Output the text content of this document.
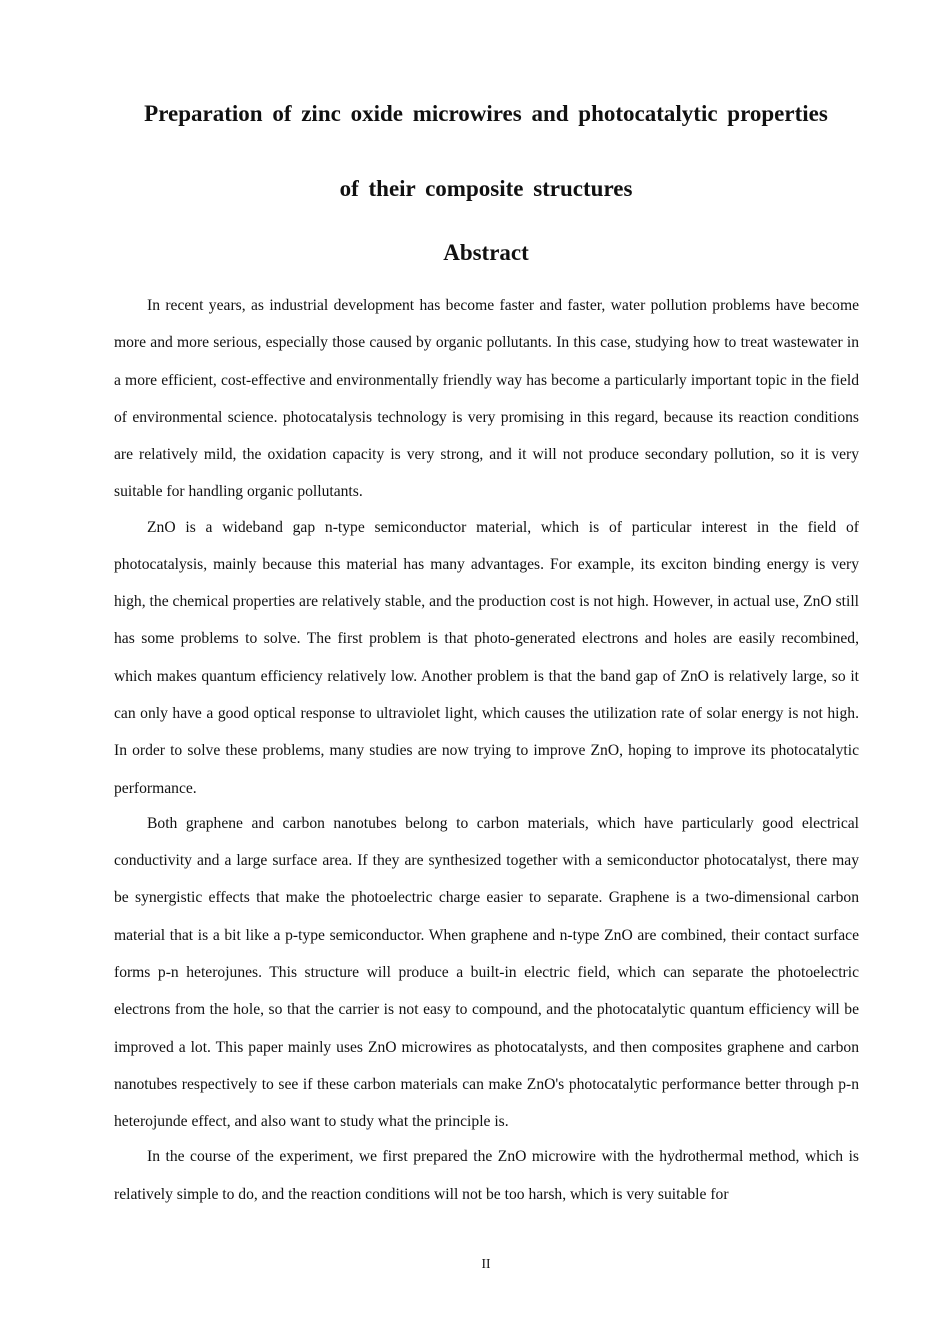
Preparation of zinc oxide microwires and photocatalytic properties
of their composite structures
Abstract

In recent years, as industrial development has become faster and faster, water pollution problems have become more and more serious, especially those caused by organic pollutants. In this case, studying how to treat wastewater in a more efficient, cost-effective and environmentally friendly way has become a particularly important topic in the field of environmental science. photocatalysis technology is very promising in this regard, because its reaction conditions are relatively mild, the oxidation capacity is very strong, and it will not produce secondary pollution, so it is very suitable for handling organic pollutants.

ZnO is a wideband gap n-type semiconductor material, which is of particular interest in the field of photocatalysis, mainly because this material has many advantages. For example, its exciton binding energy is very high, the chemical properties are relatively stable, and the production cost is not high. However, in actual use, ZnO still has some problems to solve. The first problem is that photo-generated electrons and holes are easily recombined, which makes quantum efficiency relatively low. Another problem is that the band gap of ZnO is relatively large, so it can only have a good optical response to ultraviolet light, which causes the utilization rate of solar energy is not high. In order to solve these problems, many studies are now trying to improve ZnO, hoping to improve its photocatalytic performance.

Both graphene and carbon nanotubes belong to carbon materials, which have particularly good electrical conductivity and a large surface area. If they are synthesized together with a semiconductor photocatalyst, there may be synergistic effects that make the photoelectric charge easier to separate. Graphene is a two-dimensional carbon material that is a bit like a p-type semiconductor. When graphene and n-type ZnO are combined, their contact surface forms p-n heterojunes. This structure will produce a built-in electric field, which can separate the photoelectric electrons from the hole, so that the carrier is not easy to compound, and the photocatalytic quantum efficiency will be improved a lot. This paper mainly uses ZnO microwires as photocatalysts, and then composites graphene and carbon nanotubes respectively to see if these carbon materials can make ZnO's photocatalytic performance better through p-n heterojunde effect, and also want to study what the principle is.

In the course of the experiment, we first prepared the ZnO microwire with the hydrothermal method, which is relatively simple to do, and the reaction conditions will not be too harsh, which is very suitable for

II
